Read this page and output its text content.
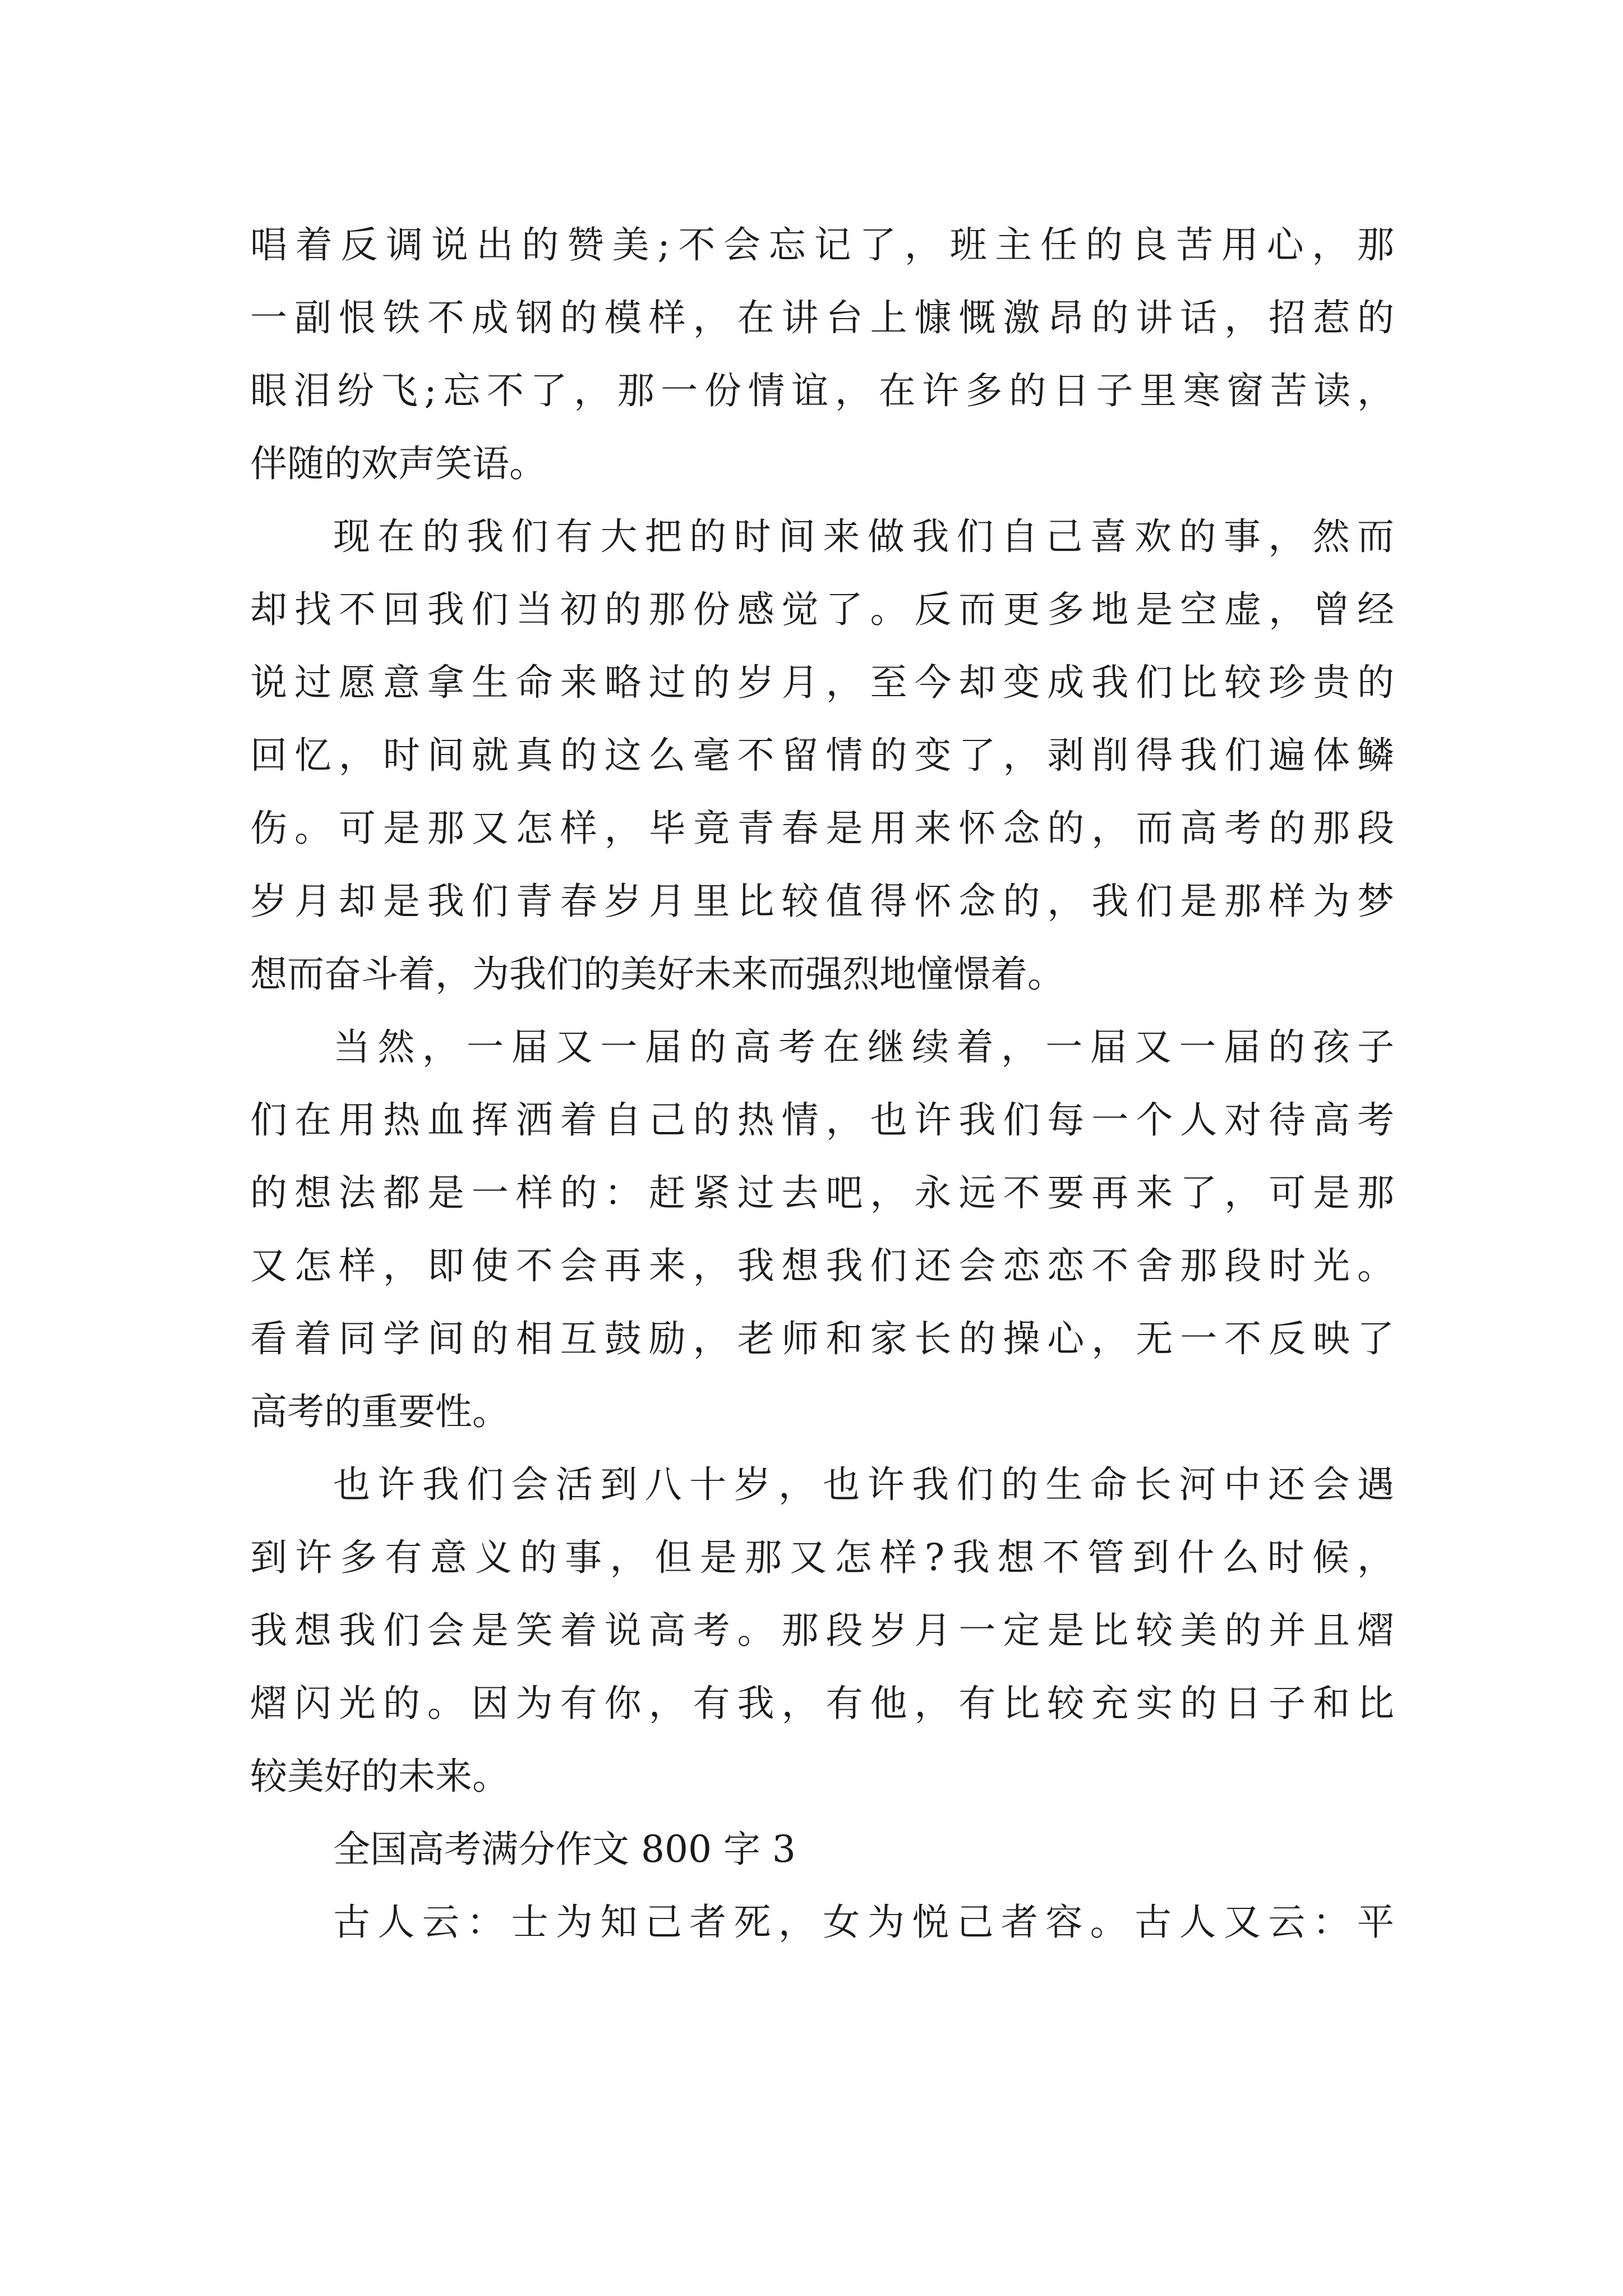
唱着反调说出的赞美;不会忘记了，班主任的良苦用心，那
一副恨铁不成钢的模样，在讲台上慷慨激昂的讲话，招惹的
眼泪纷飞;忘不了，那一份情谊，在许多的日子里寒窗苦读，
伴随的欢声笑语。
现在的我们有大把的时间来做我们自己喜欢的事，然而
却找不回我们当初的那份感觉了。反而更多地是空虚，曾经
说过愿意拿生命来略过的岁月，至今却变成我们比较珍贵的
回忆，时间就真的这么毫不留情的变了，剥削得我们遍体鳞
伤。可是那又怎样，毕竟青春是用来怀念的，而高考的那段
岁月却是我们青春岁月里比较值得怀念的，我们是那样为梦
想而奋斗着，为我们的美好未来而强烈地憧憬着。
当然，一届又一届的高考在继续着，一届又一届的孩子
们在用热血挥洒着自己的热情，也许我们每一个人对待高考
的想法都是一样的：赶紧过去吧，永远不要再来了，可是那
又怎样，即使不会再来，我想我们还会恋恋不舍那段时光。
看着同学间的相互鼓励，老师和家长的操心，无一不反映了
高考的重要性。
也许我们会活到八十岁，也许我们的生命长河中还会遇
到许多有意义的事，但是那又怎样?我想不管到什么时候，
我想我们会是笑着说高考。那段岁月一定是比较美的并且熠
熠闪光的。因为有你，有我，有他，有比较充实的日子和比
较美好的未来。
全国高考满分作文 800 字 3
古人云：士为知己者死，女为悦己者容。古人又云：平
